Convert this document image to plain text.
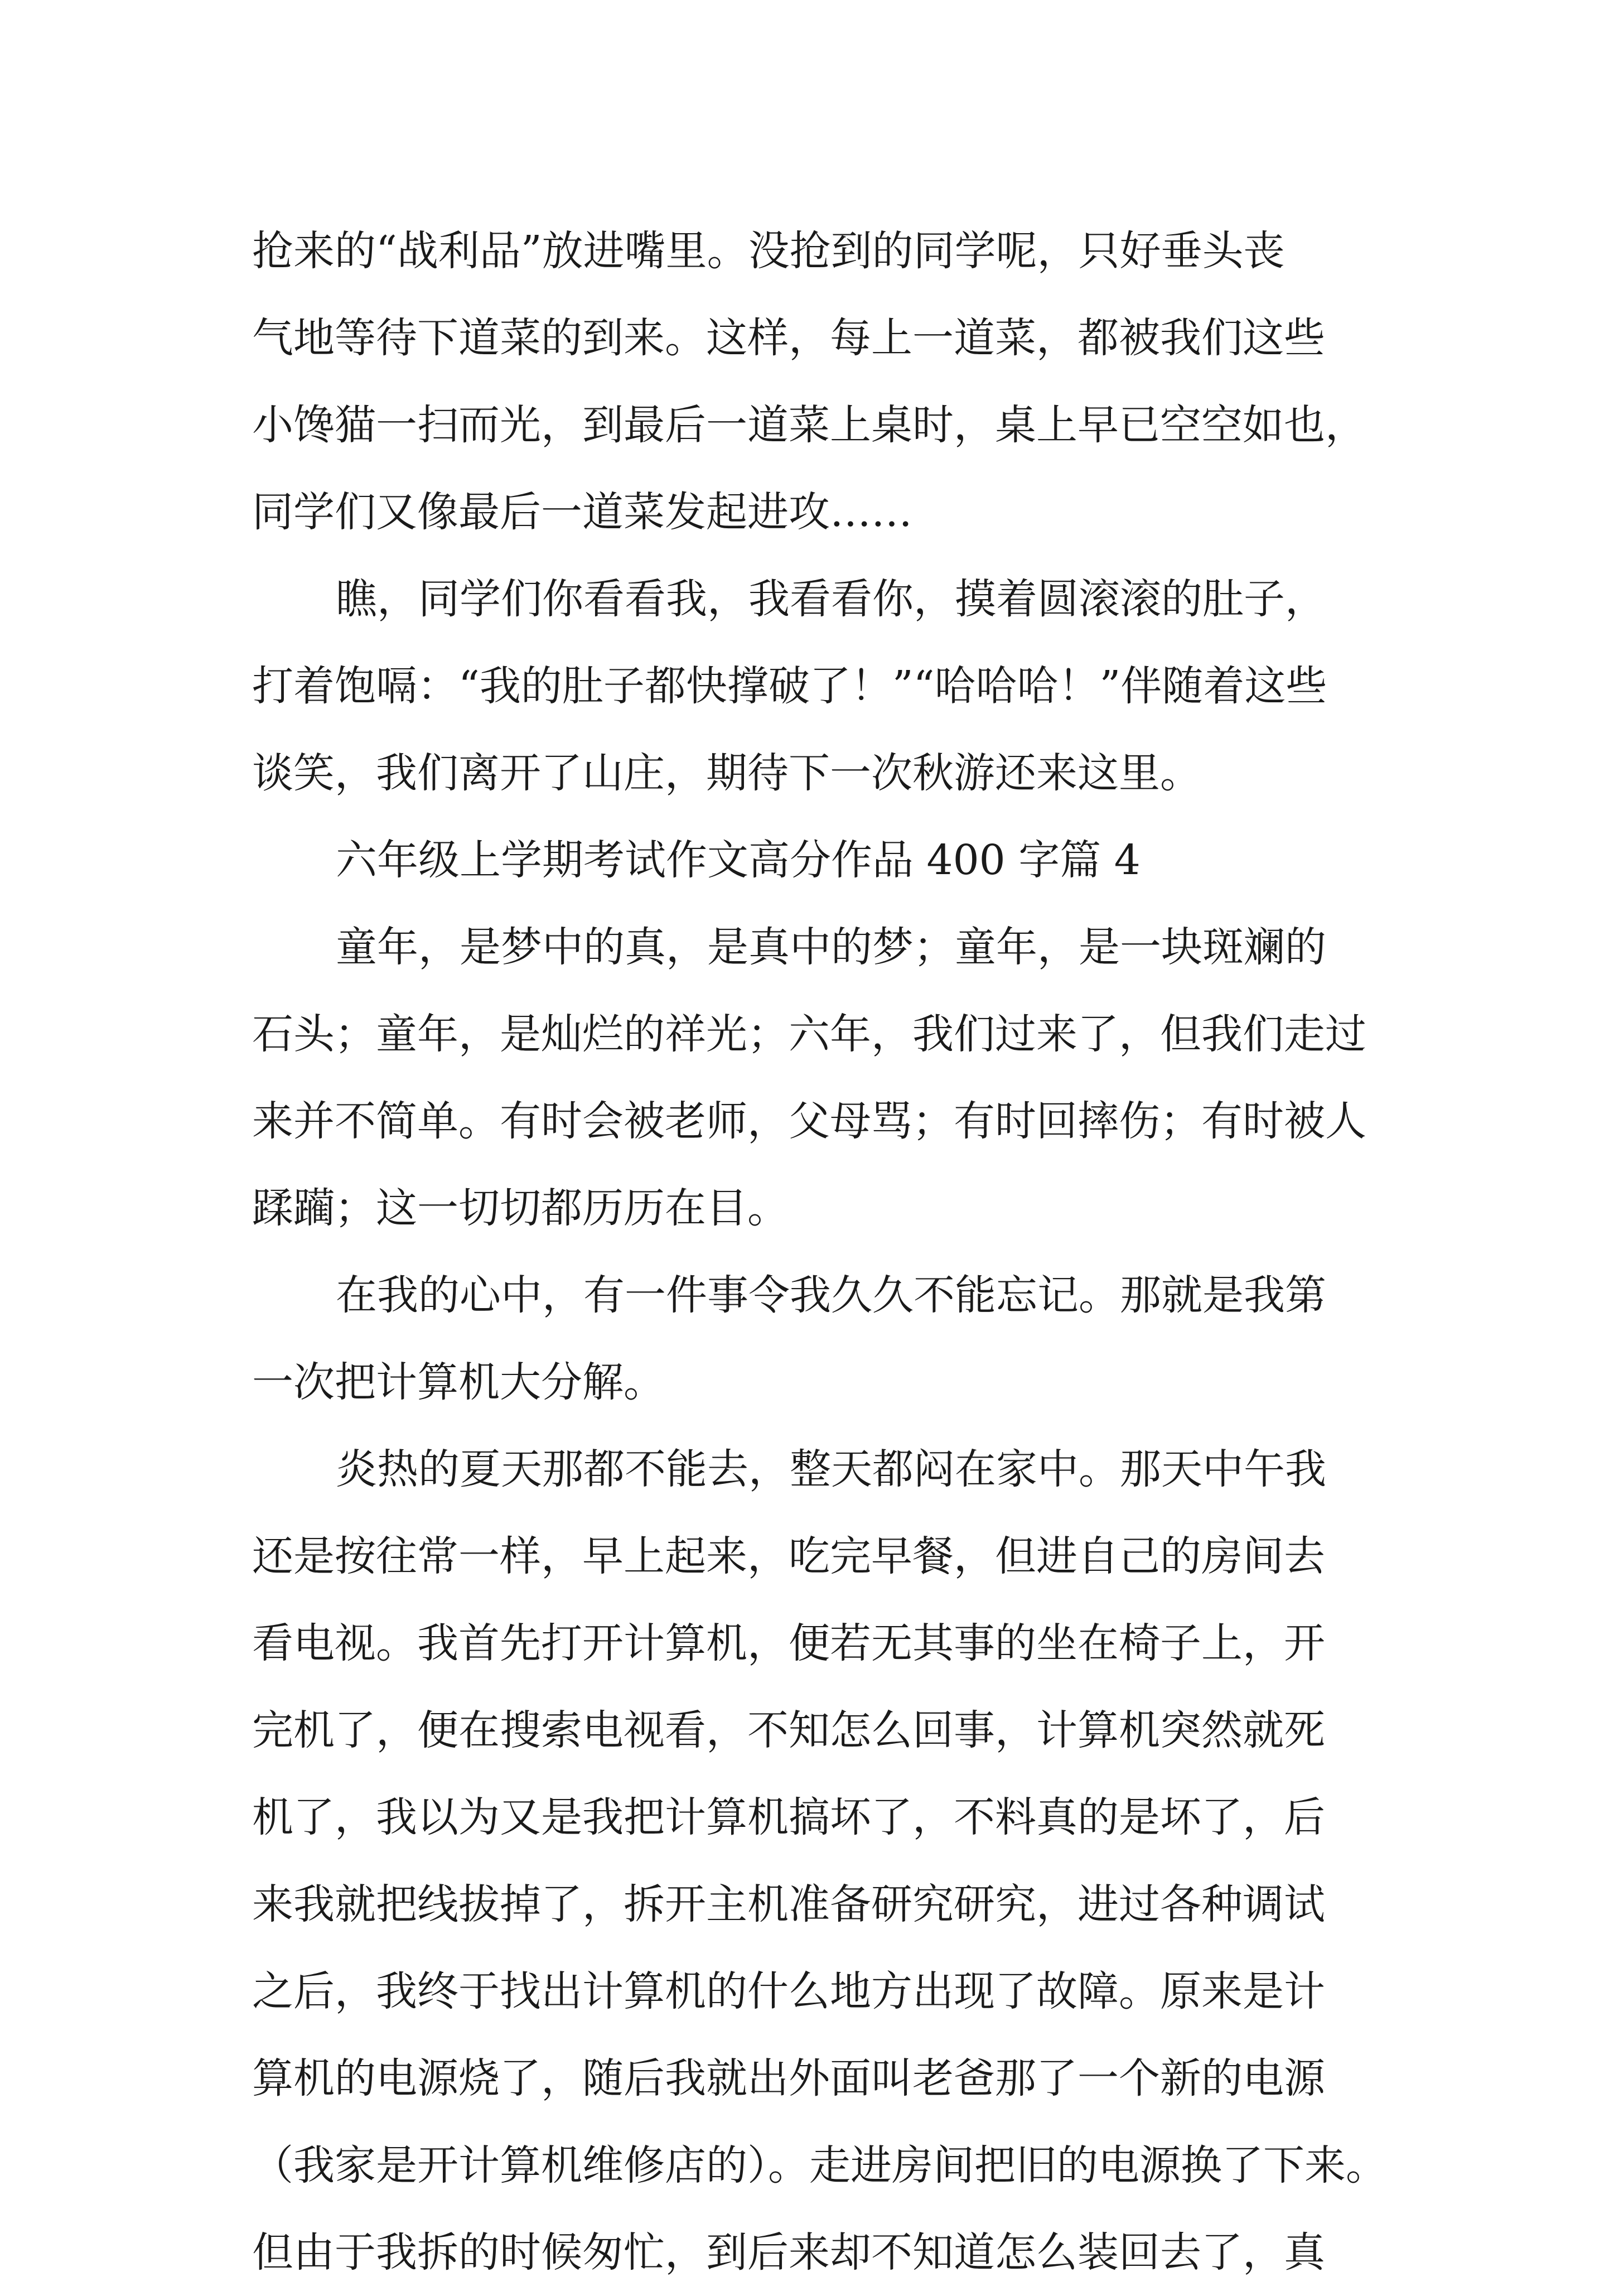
抢来的“战利品”放进嘴里。没抢到的同学呢，只好垂头丧
气地等待下道菜的到来。这样，每上一道菜，都被我们这些
小馋猫一扫而光，到最后一道菜上桌时，桌上早已空空如也，
同学们又像最后一道菜发起进攻……
瞧，同学们你看看我，我看看你，摸着圆滚滚的肚子，
打着饱嗝：“我的肚子都快撑破了！”“哈哈哈！”伴随着这些
谈笑，我们离开了山庄，期待下一次秋游还来这里。
六年级上学期考试作文高分作品 400 字篇 4
童年，是梦中的真，是真中的梦；童年，是一块斑斓的
石头；童年，是灿烂的祥光；六年，我们过来了，但我们走过
来并不简单。有时会被老师，父母骂；有时回摔伤；有时被人
蹂躏；这一切切都历历在目。
在我的心中，有一件事令我久久不能忘记。那就是我第
一次把计算机大分解。
炎热的夏天那都不能去，整天都闷在家中。那天中午我
还是按往常一样，早上起来，吃完早餐，但进自己的房间去
看电视。我首先打开计算机，便若无其事的坐在椅子上，开
完机了，便在搜索电视看，不知怎么回事，计算机突然就死
机了，我以为又是我把计算机搞坏了，不料真的是坏了，后
来我就把线拔掉了，拆开主机准备研究研究，进过各种调试
之后，我终于找出计算机的什么地方出现了故障。原来是计
算机的电源烧了，随后我就出外面叫老爸那了一个新的电源
（我家是开计算机维修店的）。走进房间把旧的电源换了下来。
但由于我拆的时候匆忙，到后来却不知道怎么装回去了，真
